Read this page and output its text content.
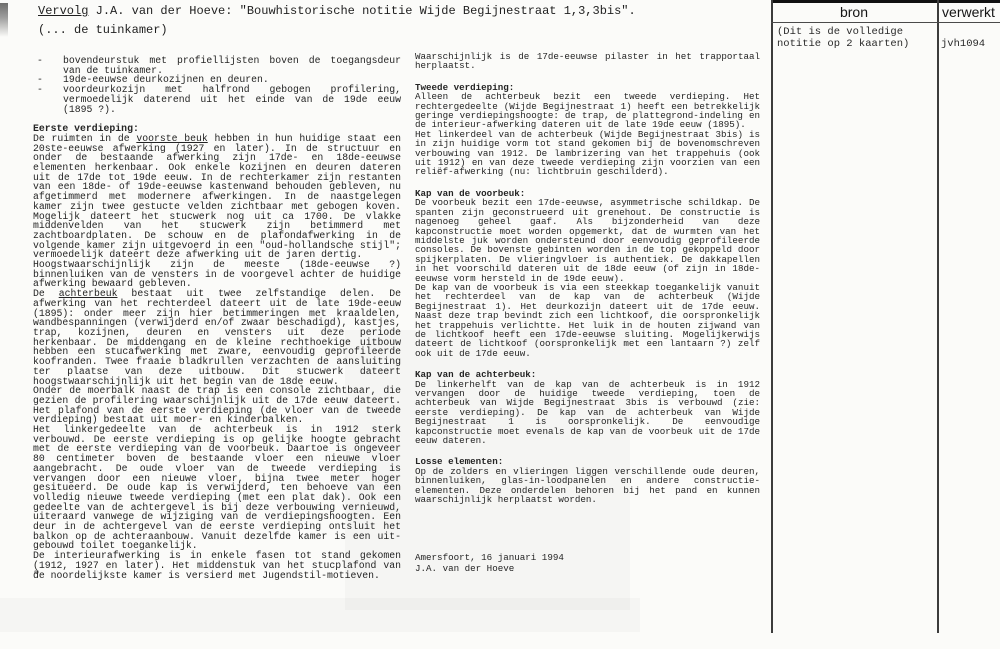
Vervolg J.A. van der Hoeve: "Bouwhistorische notitie Wijde Begijnestraat 1,3,3bis".
(... de tuinkamer)
bron	verwerkt
(Dit is de volledige notitie op 2 kaarten)	jvh1094
-	bovendeurstuk met profiellijsten boven de toegangsdeur van de tuinkamer.
-	19de-eeuwse deurkozijnen en deuren.
-	voordeurkozijn met halfrond gebogen profilering, vermoedelijk daterend uit het einde van de 19de eeuw (1895 ?).
Eerste verdieping:
De ruimten in de voorste beuk hebben in hun huidige staat een 20ste-eeuwse afwerking (1927 en later). In de structuur en onder de bestaande afwerking zijn 17de- en 18de-eeuwse elementen herkenbaar. Ook enkele kozijnen en deuren dateren uit de 17de tot 19de eeuw. In de rechterkamer zijn restanten van een 18de- of 19de-eeuwse kastenwand behouden gebleven, nu afgetimmerd met modernere afwerkingen. In de naastgelegen kamer zijn twee gestucte velden zichtbaar met gebogen koven. Mogelijk dateert het stucwerk nog uit ca 1700. De vlakke middenvelden van het stucwerk zijn betimmerd met zachtboardplaten. De schouw en de plafondafwerking in de volgende kamer zijn uitgevoerd in een "oud-hollandsche stijl"; vermoedelijk dateert deze afwerking uit de jaren dertig.
Hoogstwaarschijnlijk zijn de meeste (18de-eeuwse ?) binnenluiken van de vensters in de voorgevel achter de huidige afwerking bewaard gebleven.
De achterbeuk bestaat uit twee zelfstandige delen. De afwerking van het rechterdeel dateert uit de late 19de-eeuw (1895): onder meer zijn hier betimmeringen met kraaldelen, wandbespanningen (verwijderd en/of zwaar beschadigd), kastjes, trap, kozijnen, deuren en vensters uit deze periode herkenbaar. De middengang en de kleine rechthoekige uitbouw hebben een stucafwerking met zware, eenvoudig geprofileerde koofranden. Twee fraaie bladkrullen verzachten de aansluiting ter plaatse van deze uitbouw. Dit stucwerk dateert hoogstwaarschijnlijk uit het begin van de 18de eeuw.
Onder de moerbalk naast de trap is een console zichtbaar, die gezien de profilering waarschijnlijk uit de 17de eeuw dateert. Het plafond van de eerste verdieping (de vloer van de tweede verdieping) bestaat uit moer- en kinderbalken.
Het linkergedeelte van de achterbeuk is in 1912 sterk verbouwd. De eerste verdieping is op gelijke hoogte gebracht met de eerste verdieping van de voorbeuk. Daartoe is ongeveer 80 centimeter boven de bestaande vloer een nieuwe vloer aangebracht. De oude vloer van de tweede verdieping is vervangen door een nieuwe vloer, bijna twee meter hoger gesitueerd. De oude kap is verwijderd, ten behoeve van een volledig nieuwe tweede verdieping (met een plat dak). Ook een gedeelte van de achtergevel is bij deze verbouwing vernieuwd, uiteraard vanwege de wijziging van de verdiepingshoogten. Een deur in de achtergevel van de eerste verdieping ontsluit het balkon op de achteraanbouw. Vanuit dezelfde kamer is een uit-gebouwd toilet toegankelijk.
De interieurafwerking is in enkele fasen tot stand gekomen (1912, 1927 en later). Het middenstuk van het stucplafond van de noordelijkste kamer is versierd met Jugendstil-motieven.
Waarschijnlijk is de 17de-eeuwse pilaster in het trapportaal herplaatst.
Tweede verdieping:
Alleen de achterbeuk bezit een tweede verdieping. Het rechtergedeelte (Wijde Begijnestraat 1) heeft een betrekkelijk geringe verdiepingshoogte: de trap, de plattegrond-indeling en de interieur-afwerking dateren uit de late 19de eeuw (1895).
Het linkerdeel van de achterbeuk (Wijde Begijnestraat 3bis) is in zijn huidige vorm tot stand gekomen bij de bovenomschreven verbouwing van 1912. De lambrizering van het trappehuis (ook uit 1912) en van deze tweede verdieping zijn voorzien van een reliëf-afwerking (nu: lichtbruin geschilderd).
Kap van de voorbeuk:
De voorbeuk bezit een 17de-eeuwse, asymmetrische schildkap. De spanten zijn geconstrueerd uit grenehout. De constructie is nagenoeg geheel gaaf. Als bijzonderheid van deze kapconstructie moet worden opgemerkt, dat de wurmten van het middelste juk worden ondersteund door eenvoudig geprofileerde consoles. De bovenste gebinten worden in de top gekoppeld door spijkerplaten. De vlieringvloer is authentiek. De dakkapellen in het voorschild dateren uit de 18de eeuw (of zijn in 18de-eeuwse vorm hersteld in de 19de eeuw).
De kap van de voorbeuk is via een steekkap toegankelijk vanuit het rechterdeel van de kap van de achterbeuk (Wijde Begijnestraat 1). Het deurkozijn dateert uit de 17de eeuw. Naast deze trap bevindt zich een lichtkoof, die oorspronkelijk het trappehuis verlichtte. Het luik in de houten zijwand van de lichtkoof heeft een 17de-eeuwse sluiting. Mogelijkerwijs dateert de lichtkoof (oorspronkelijk met een lantaarn ?) zelf ook uit de 17de eeuw.
Kap van de achterbeuk:
De linkerhelft van de kap van de achterbeuk is in 1912 vervangen door de huidige tweede verdieping, toen de achterbeuk van Wijde Begijnestraat 3bis is verbouwd (zie: eerste verdieping). De kap van de achterbeuk van Wijde Begijnestraat 1 is oorspronkelijk. De eenvoudige kapconstructie moet evenals de kap van de voorbeuk uit de 17de eeuw dateren.
Losse elementen:
Op de zolders en vlieringen liggen verschillende oude deuren, binnenluiken, glas-in-loodpanelen en andere constructie-elementen. Deze onderdelen behoren bij het pand en kunnen waarschijnlijk herplaatst worden.
Amersfoort, 16 januari 1994
J.A. van der Hoeve
